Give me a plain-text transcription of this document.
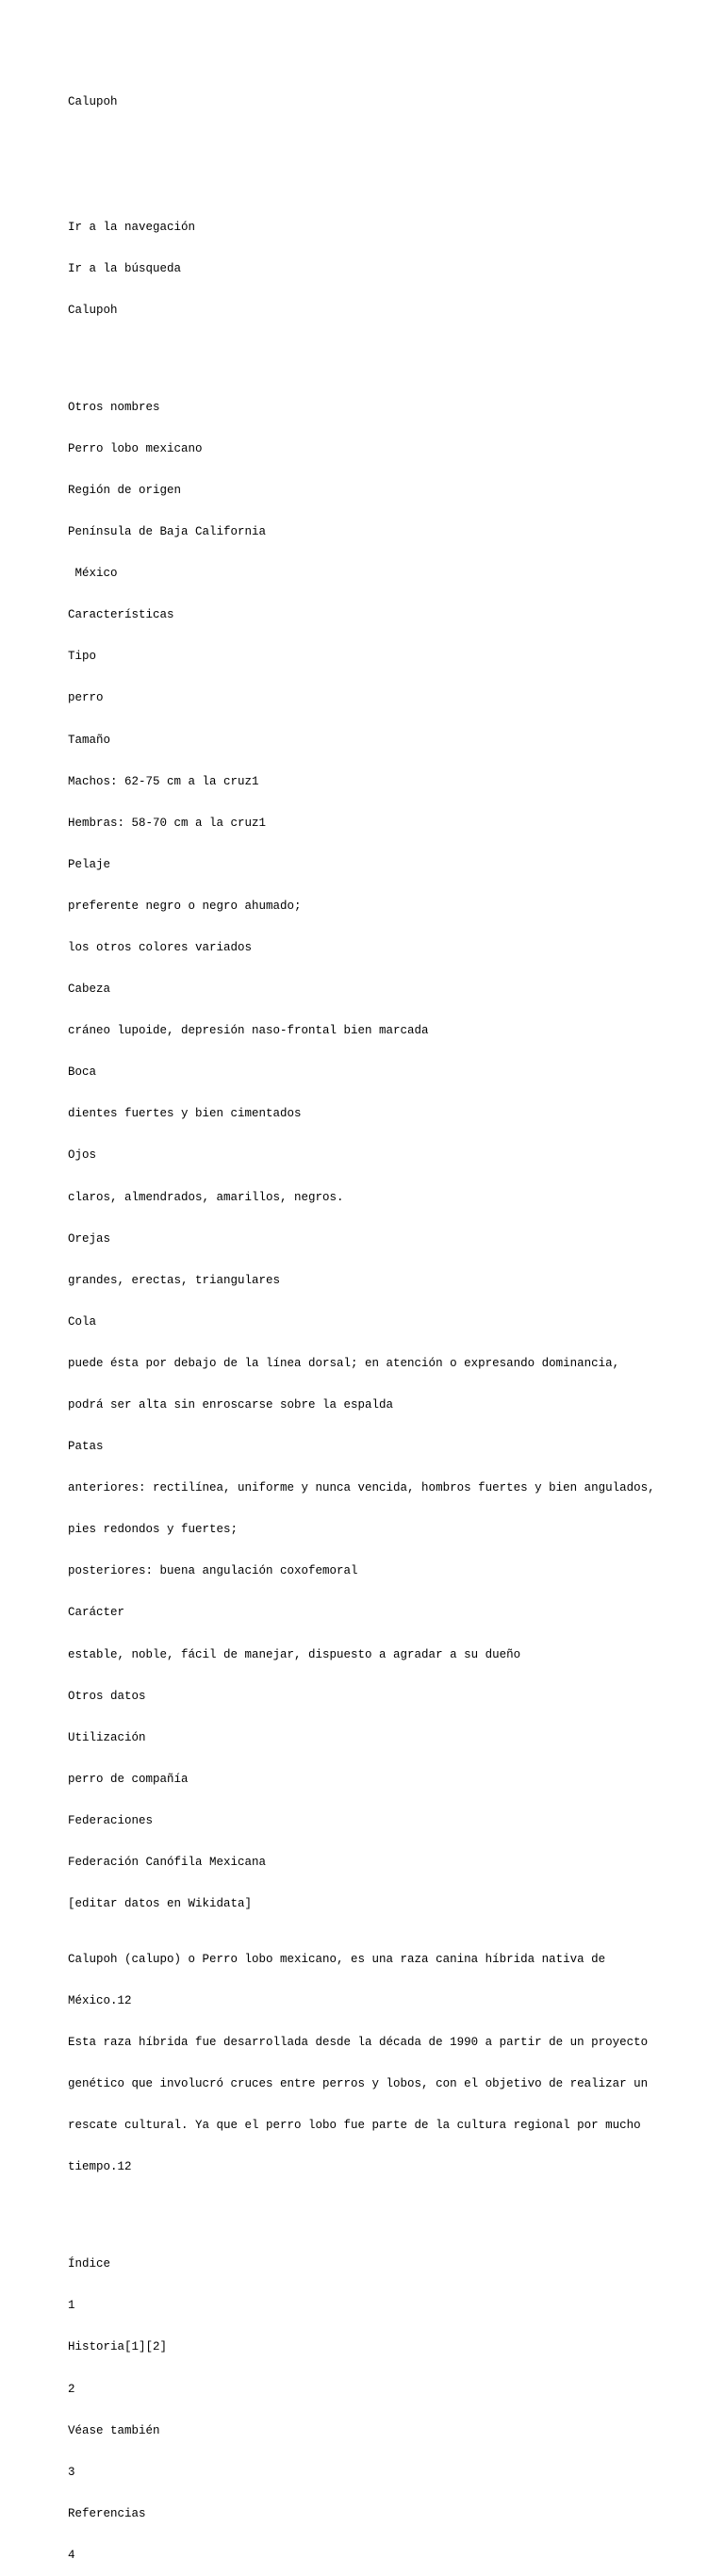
Calupoh

Ir a la navegación

Ir a la búsqueda

Calupoh

Otros nombres

Perro lobo mexicano

Región de origen

Península de Baja California

México

Características

Tipo

perro

Tamaño

Machos: 62-75 cm a la cruz1

Hembras: 58-70 cm a la cruz1

Pelaje

preferente negro o negro ahumado;

los otros colores variados

Cabeza

cráneo lupoide, depresión naso-frontal bien marcada

Boca

dientes fuertes y bien cimentados

Ojos

claros, almendrados, amarillos, negros.

Orejas

grandes, erectas, triangulares

Cola

puede ésta por debajo de la línea dorsal; en atención o expresando dominancia,

podrá ser alta sin enroscarse sobre la espalda

Patas

anteriores: rectilínea, uniforme y nunca vencida, hombros fuertes y bien angulados,

pies redondos y fuertes;

posteriores: buena angulación coxofemoral

Carácter

estable, noble, fácil de manejar, dispuesto a agradar a su dueño

Otros datos

Utilización

perro de compañía

Federaciones

Federación Canófila Mexicana

[editar datos en Wikidata]

Calupoh (calupo) o Perro lobo mexicano, es una raza canina híbrida nativa de

México.12

Esta raza híbrida fue desarrollada desde la década de 1990 a partir de un proyecto

genético que involucró cruces entre perros y lobos, con el objetivo de realizar un

rescate cultural. Ya que el perro lobo fue parte de la cultura regional por mucho

tiempo.12

Índice

1

Historia[1][2]

2

Véase también

3

Referencias

4
